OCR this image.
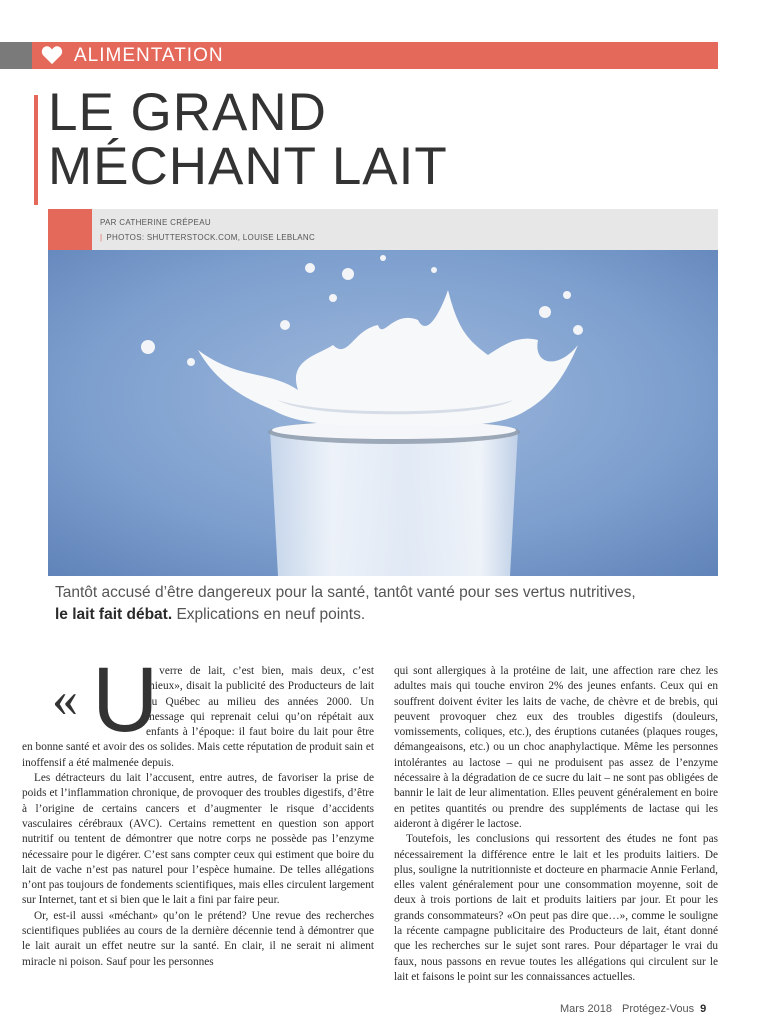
ALIMENTATION
LE GRAND
MÉCHANT LAIT
PAR CATHERINE CRÉPEAU
| PHOTOS: SHUTTERSTOCK.COM, LOUISE LEBLANC

Tantôt accusé d’être dangereux pour la santé, tantôt vanté pour ses vertus nutritives,
le lait fait débat. Explications en neuf points.

« U

n verre de lait, c’est bien, mais deux, c’est mieux», disait la publicité des Producteurs de lait du Québec au milieu des années 2000. Un message qui reprenait celui qu’on répétait aux enfants à l’époque: il faut boire du lait pour être en bonne santé et avoir des os solides. Mais cette réputation de produit sain et inoffensif a été malmenée depuis.

Les détracteurs du lait l’accusent, entre autres, de favoriser la prise de poids et l’inflammation chronique, de provoquer des troubles digestifs, d’être à l’origine de certains cancers et d’augmenter le risque d’accidents vasculaires cérébraux (AVC). Certains remettent en question son apport nutritif ou tentent de démontrer que notre corps ne possède pas l’enzyme nécessaire pour le digérer. C’est sans compter ceux qui estiment que boire du lait de vache n’est pas naturel pour l’espèce humaine. De telles allégations n’ont pas toujours de fondements scientifiques, mais elles circulent largement sur Internet, tant et si bien que le lait a fini par faire peur.

Or, est-il aussi «méchant» qu’on le prétend? Une revue des recherches scientifiques publiées au cours de la dernière décennie tend à démontrer que le lait aurait un effet neutre sur la santé. En clair, il ne serait ni aliment miracle ni poison. Sauf pour les personnes

qui sont allergiques à la protéine de lait, une affection rare chez les adultes mais qui touche environ 2% des jeunes enfants. Ceux qui en souffrent doivent éviter les laits de vache, de chèvre et de brebis, qui peuvent provoquer chez eux des troubles digestifs (douleurs, vomissements, coliques, etc.), des éruptions cutanées (plaques rouges, démangeaisons, etc.) ou un choc anaphylactique. Même les personnes intolérantes au lactose – qui ne produisent pas assez de l’enzyme nécessaire à la dégradation de ce sucre du lait – ne sont pas obligées de bannir le lait de leur alimentation. Elles peuvent généralement en boire en petites quantités ou prendre des suppléments de lactase qui les aideront à digérer le lactose.

Toutefois, les conclusions qui ressortent des études ne font pas nécessairement la différence entre le lait et les produits laitiers. De plus, souligne la nutritionniste et docteure en pharmacie Annie Ferland, elles valent généralement pour une consommation moyenne, soit de deux à trois portions de lait et produits laitiers par jour. Et pour les grands consommateurs? «On peut pas dire que…», comme le souligne la récente campagne publicitaire des Producteurs de lait, étant donné que les recherches sur le sujet sont rares. Pour départager le vrai du faux, nous passons en revue toutes les allégations qui circulent sur le lait et faisons le point sur les connaissances actuelles.

Mars 2018 Protégez-Vous 9
